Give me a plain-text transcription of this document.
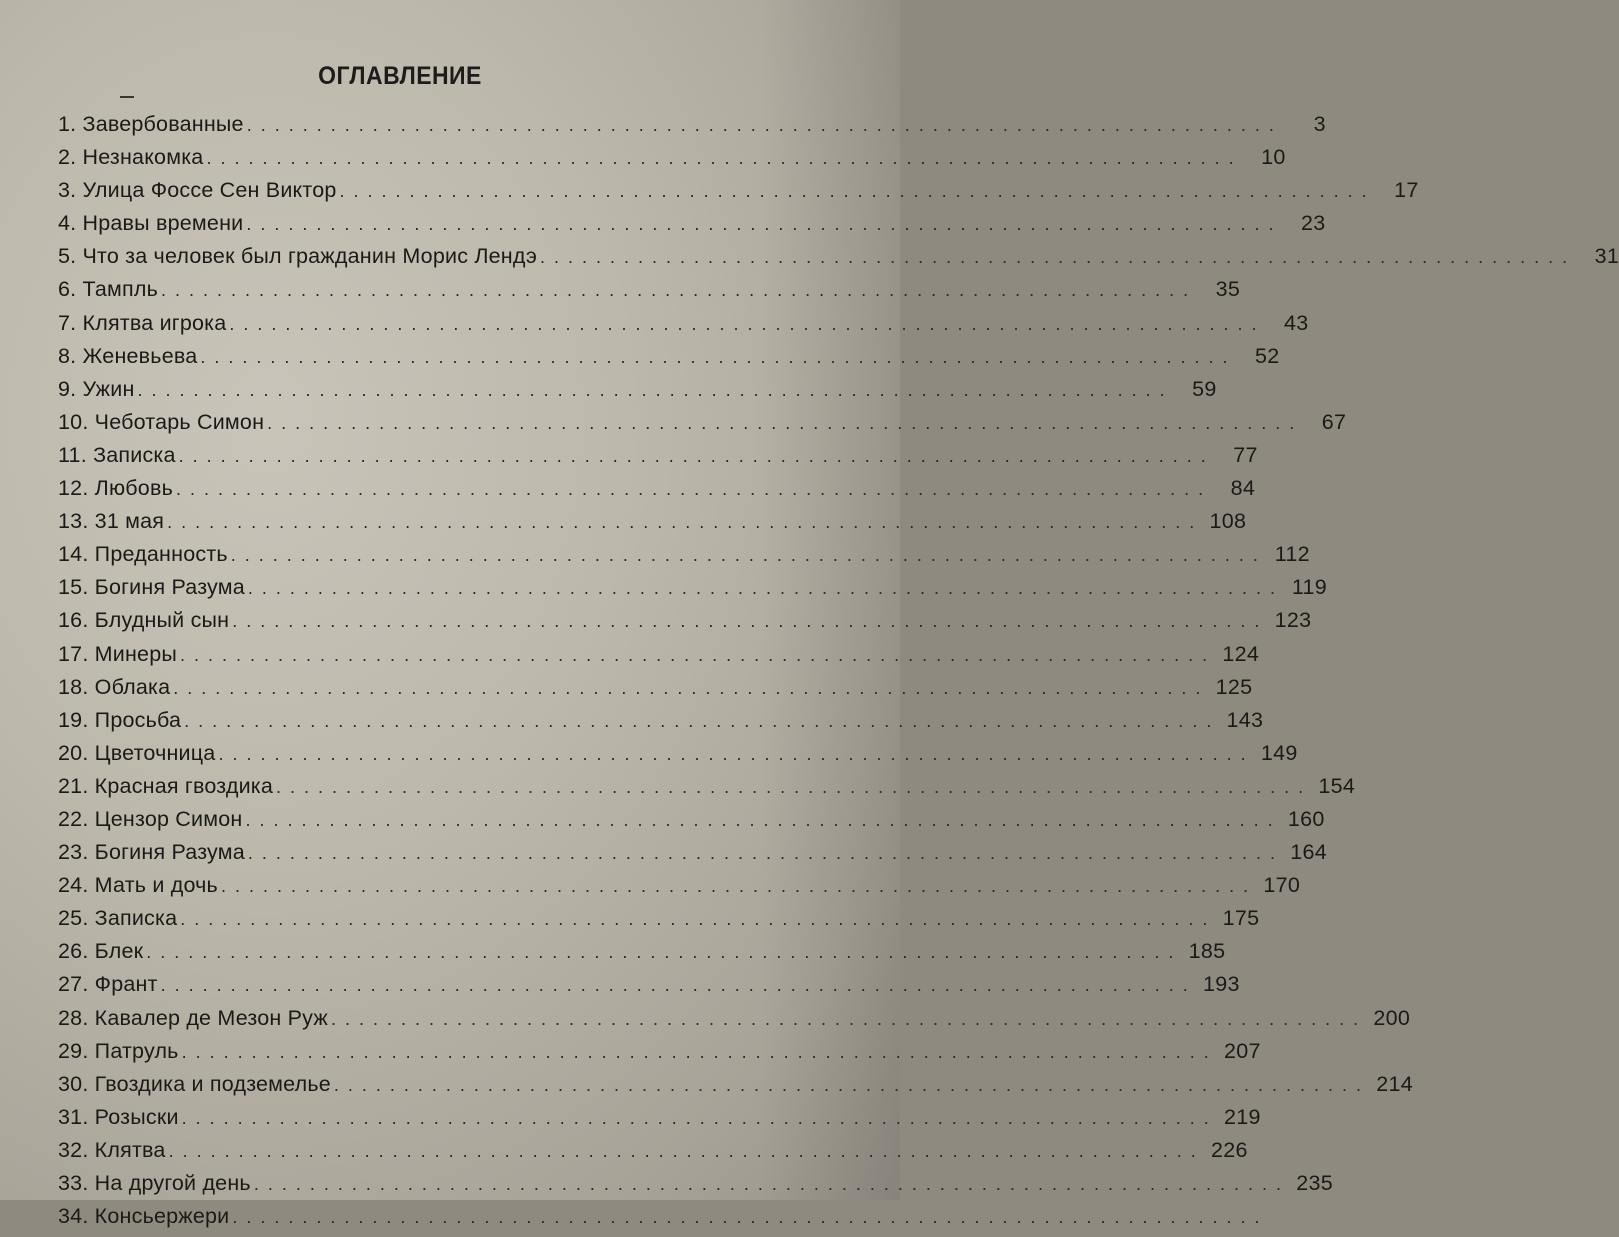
ОГЛАВЛЕНИЕ
1. Завербованные . . .	3
2. Незнакомка . . .	10
3. Улица Фоссе Сен Виктор . . .	17
4. Нравы времени . . .	23
5. Что за человек был гражданин Морис Лендэ . . .	31
6. Тампль . . .	35
7. Клятва игрока . . .	43
8. Женевьева . . .	52
9. Ужин . . .	59
10. Чеботарь Симон . . .	67
11. Записка . . .	77
12. Любовь . . .	84
13. 31 мая . . .	108
14. Преданность . . .	112
15. Богиня Разума . . .	119
16. Блудный сын . . .	123
17. Минеры . . .	124
18. Облака . . .	125
19. Просьба . . .	143
20. Цветочница . . .	149
21. Красная гвоздика . . .	154
22. Цензор Симон . . .	160
23. Богиня Разума . . .	164
24. Мать и дочь . . .	170
25. Записка . . .	175
26. Блек . . .	185
27. Франт . . .	193
28. Кавалер де Мезон Руж . . .	200
29. Патруль . . .	207
30. Гвоздика и подземелье . . .	214
31. Розыски . . .	219
32. Клятва . . .	226
33. На другой день . . .	235
34. Консьержери
. . .
